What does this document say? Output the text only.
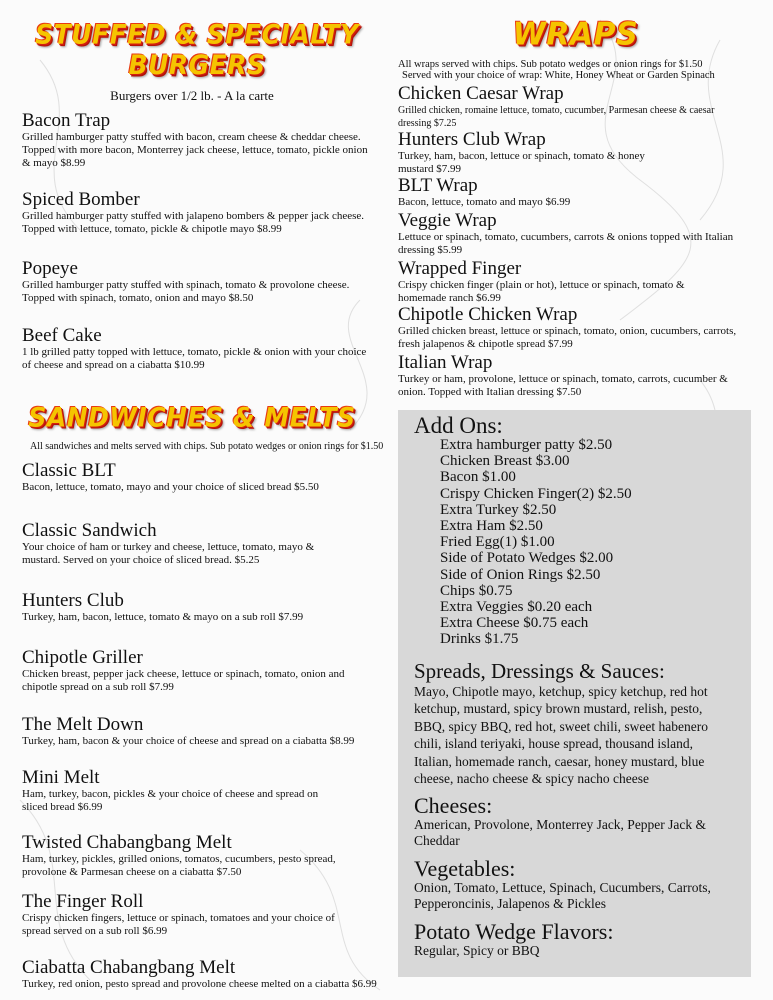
STUFFED & SPECIALTY BURGERS
Burgers over 1/2 lb. - A la carte
Bacon Trap
Grilled hamburger patty stuffed with bacon, cream cheese & cheddar cheese. Topped with more bacon, Monterrey jack cheese, lettuce, tomato, pickle onion & mayo $8.99
Spiced Bomber
Grilled hamburger patty stuffed with jalapeno bombers & pepper jack cheese. Topped with lettuce, tomato, pickle & chipotle mayo $8.99
Popeye
Grilled hamburger patty stuffed with spinach, tomato & provolone cheese. Topped with spinach, tomato, onion and mayo $8.50
Beef Cake
1 lb grilled patty topped with lettuce, tomato, pickle & onion with your choice of cheese and spread on a ciabatta $10.99
SANDWICHES & MELTS
All sandwiches and melts served with chips. Sub potato wedges or onion rings for $1.50
Classic BLT
Bacon, lettuce, tomato, mayo and your choice of sliced bread $5.50
Classic Sandwich
Your choice of ham or turkey and cheese, lettuce, tomato, mayo & mustard. Served on your choice of sliced bread. $5.25
Hunters Club
Turkey, ham, bacon, lettuce, tomato & mayo on a sub roll $7.99
Chipotle Griller
Chicken breast, pepper jack cheese, lettuce or spinach, tomato, onion and chipotle spread on a sub roll $7.99
The Melt Down
Turkey, ham, bacon & your choice of cheese and spread on a ciabatta $8.99
Mini Melt
Ham, turkey, bacon, pickles & your choice of cheese and spread on sliced bread $6.99
Twisted Chabangbang Melt
Ham, turkey, pickles, grilled onions, tomatos, cucumbers, pesto spread, provolone & Parmesan cheese on a ciabatta $7.50
The Finger Roll
Crispy chicken fingers, lettuce or spinach, tomatoes and your choice of spread served on a sub roll $6.99
Ciabatta Chabangbang Melt
Turkey, red onion, pesto spread and provolone cheese melted on a ciabatta $6.99
WRAPS
All wraps served with chips. Sub potato wedges or onion rings for $1.50
Served with your choice of wrap: White, Honey Wheat or Garden Spinach
Chicken Caesar Wrap
Grilled chicken, romaine lettuce, tomato, cucumber, Parmesan cheese & caesar dressing $7.25
Hunters Club Wrap
Turkey, ham, bacon, lettuce or spinach, tomato & honey mustard $7.99
BLT Wrap
Bacon, lettuce, tomato and mayo $6.99
Veggie Wrap
Lettuce or spinach, tomato, cucumbers, carrots & onions topped with Italian dressing $5.99
Wrapped Finger
Crispy chicken finger (plain or hot), lettuce or spinach, tomato & homemade ranch $6.99
Chipotle Chicken Wrap
Grilled chicken breast, lettuce or spinach, tomato, onion, cucumbers, carrots, fresh jalapenos & chipotle spread $7.99
Italian Wrap
Turkey or ham, provolone, lettuce or spinach, tomato, carrots, cucumber & onion. Topped with Italian dressing $7.50
Add Ons:
Extra hamburger patty $2.50
Chicken Breast $3.00
Bacon $1.00
Crispy Chicken Finger(2) $2.50
Extra Turkey $2.50
Extra Ham $2.50
Fried Egg(1) $1.00
Side of Potato Wedges $2.00
Side of Onion Rings $2.50
Chips $0.75
Extra Veggies $0.20 each
Extra Cheese $0.75 each
Drinks $1.75
Spreads, Dressings & Sauces:
Mayo, Chipotle mayo, ketchup, spicy ketchup, red hot ketchup, mustard, spicy brown mustard, relish, pesto, BBQ, spicy BBQ, red hot, sweet chili, sweet habenero chili, island teriyaki, house spread, thousand island, Italian, homemade ranch, caesar, honey mustard, blue cheese, nacho cheese & spicy nacho cheese
Cheeses:
American, Provolone, Monterrey Jack, Pepper Jack & Cheddar
Vegetables:
Onion, Tomato, Lettuce, Spinach, Cucumbers, Carrots, Pepperoncinis, Jalapenos & Pickles
Potato Wedge Flavors:
Regular, Spicy or BBQ
